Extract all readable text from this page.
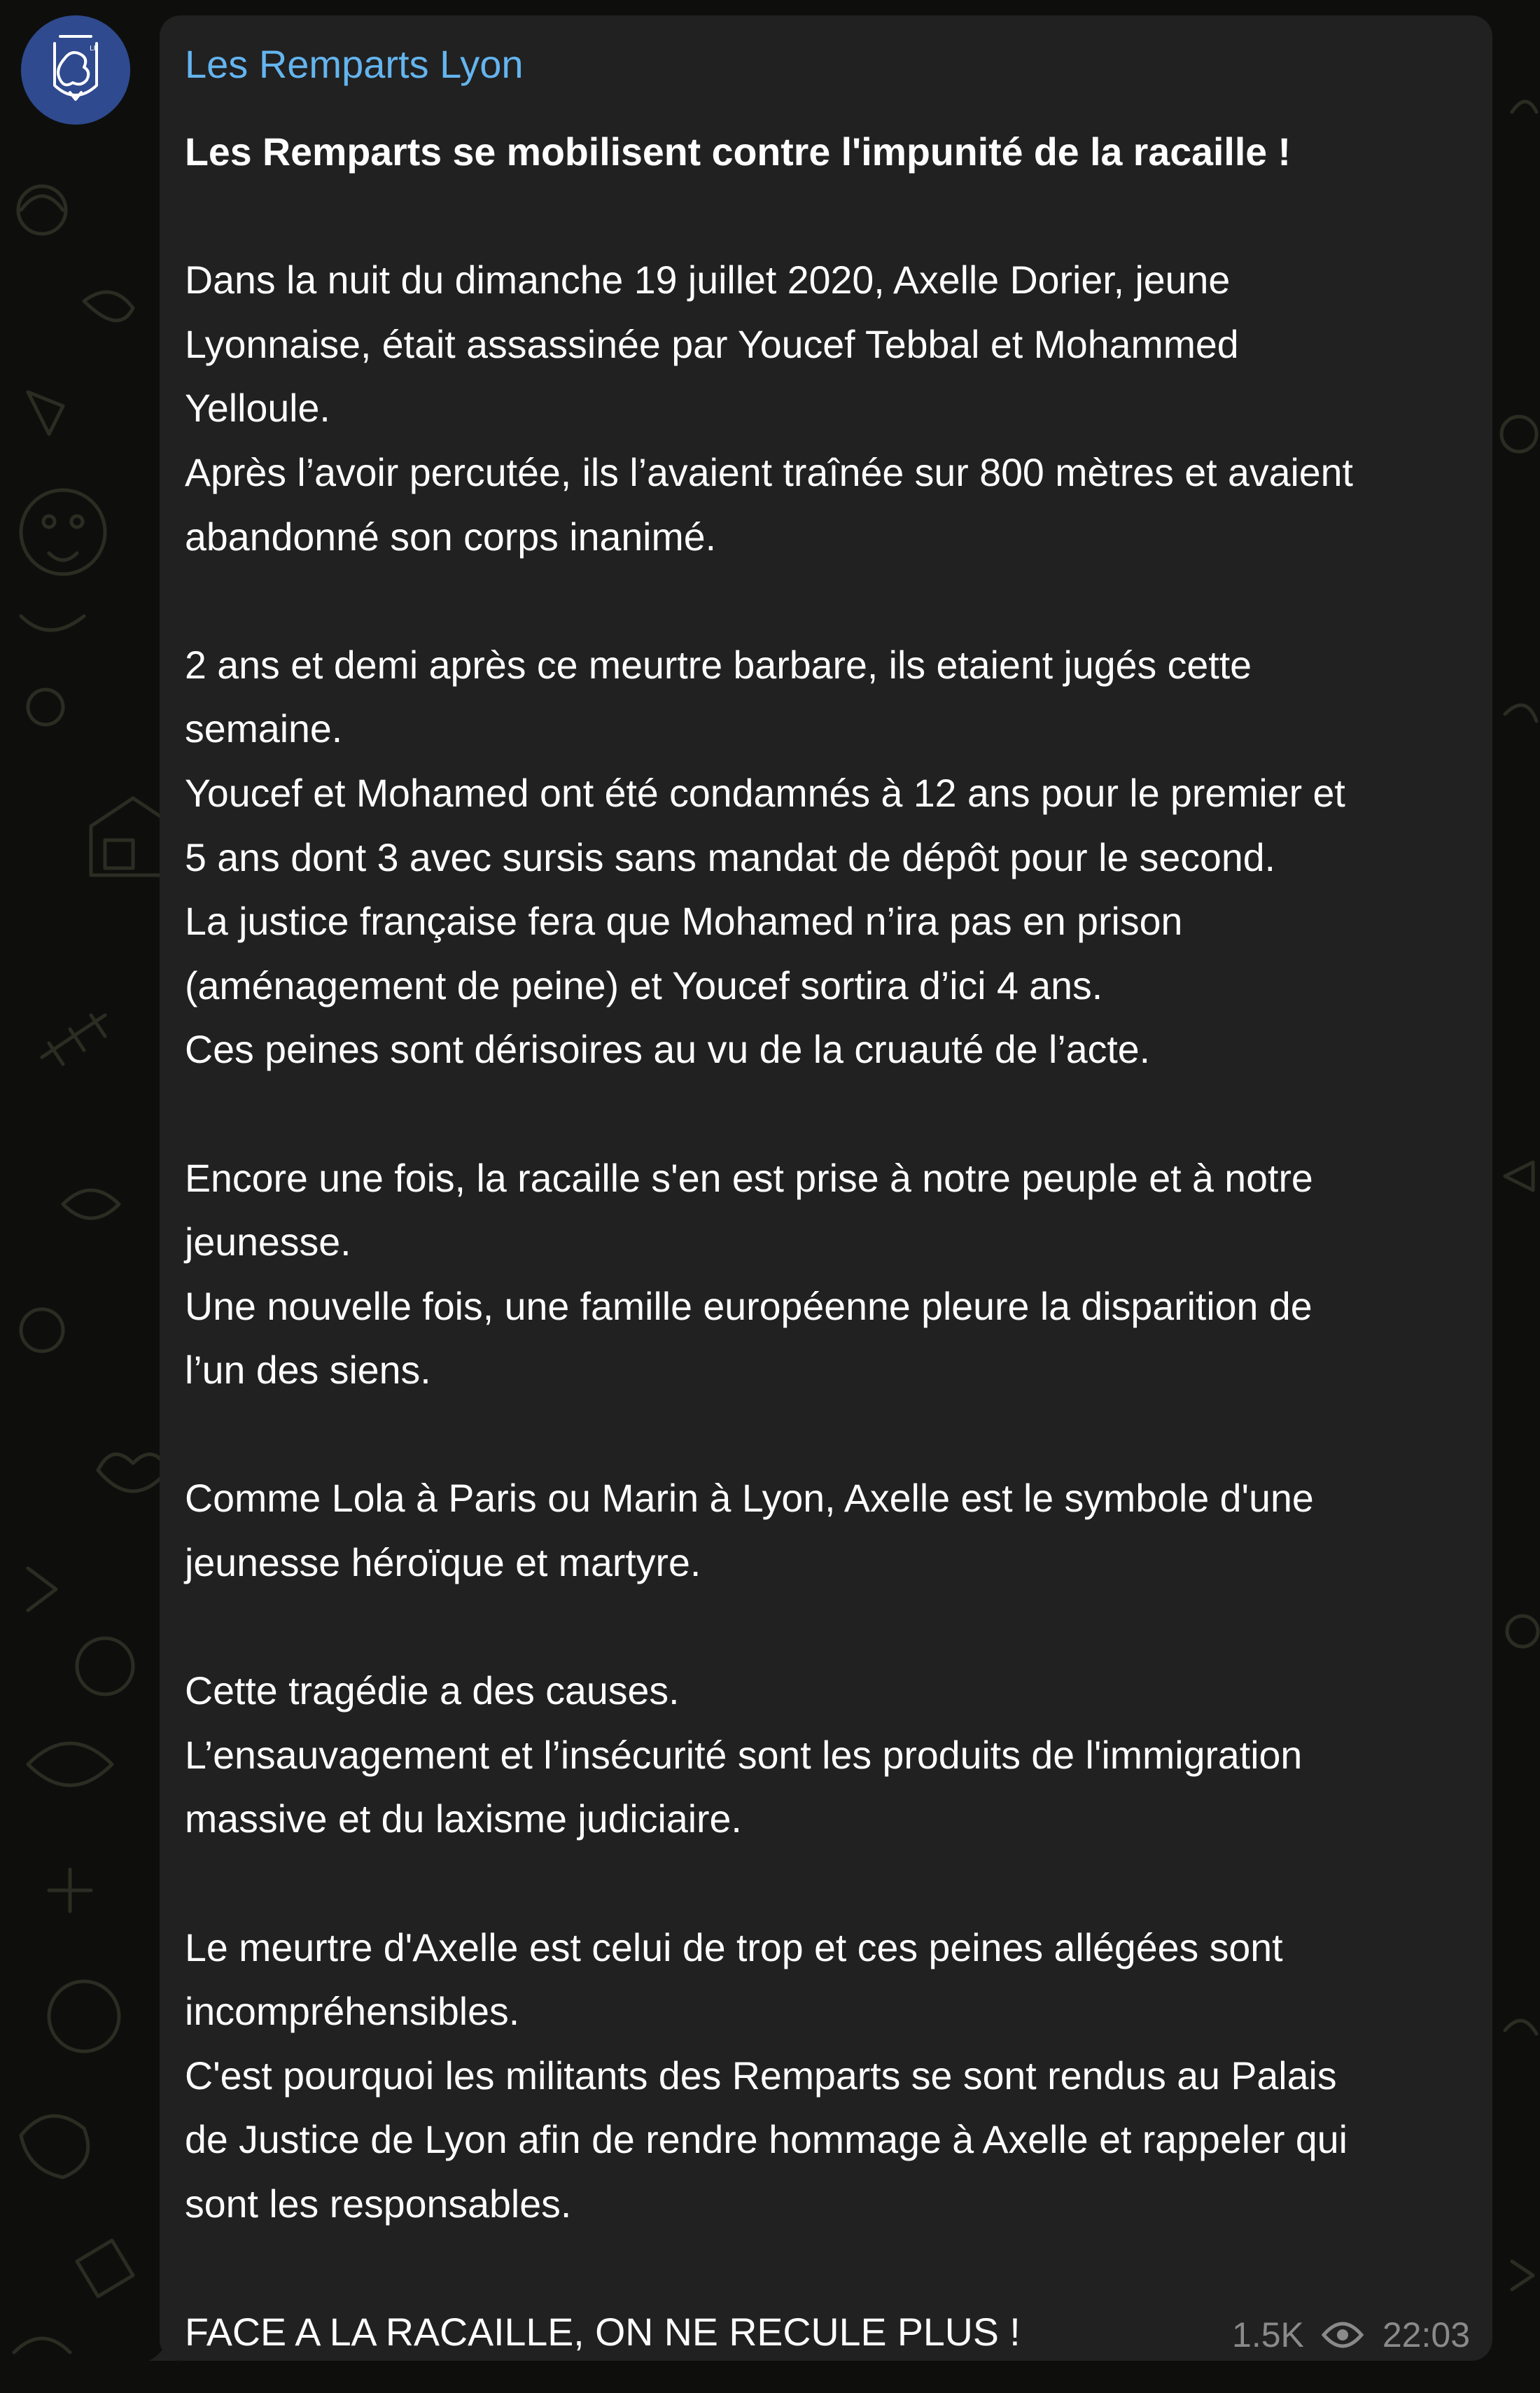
LR Les Remparts Lyon
Les Remparts se mobilisent contre l'impunité de la racaille !
Dans la nuit du dimanche 19 juillet 2020, Axelle Dorier, jeune
Lyonnaise, était assassinée par Youcef Tebbal et Mohammed
Yelloule.
Après l’avoir percutée, ils l’avaient traînée sur 800 mètres et avaient
abandonné son corps inanimé.
2 ans et demi après ce meurtre barbare, ils etaient jugés cette
semaine.
Youcef et Mohamed ont été condamnés à 12 ans pour le premier et
5 ans dont 3 avec sursis sans mandat de dépôt pour le second.
La justice française fera que Mohamed n’ira pas en prison
(aménagement de peine) et Youcef sortira d’ici 4 ans.
Ces peines sont dérisoires au vu de la cruauté de l’acte.
Encore une fois, la racaille s'en est prise à notre peuple et à notre
jeunesse.
Une nouvelle fois, une famille européenne pleure la disparition de
l’un des siens.
Comme Lola à Paris ou Marin à Lyon, Axelle est le symbole d'une
jeunesse héroïque et martyre.
Cette tragédie a des causes.
L’ensauvagement et l’insécurité sont les produits de l'immigration
massive et du laxisme judiciaire.
Le meurtre d'Axelle est celui de trop et ces peines allégées sont
incompréhensibles.
C'est pourquoi les militants des Remparts se sont rendus au Palais
de Justice de Lyon afin de rendre hommage à Axelle et rappeler qui
sont les responsables.
FACE A LA RACAILLE, ON NE RECULE PLUS !	1.5K 22:03
